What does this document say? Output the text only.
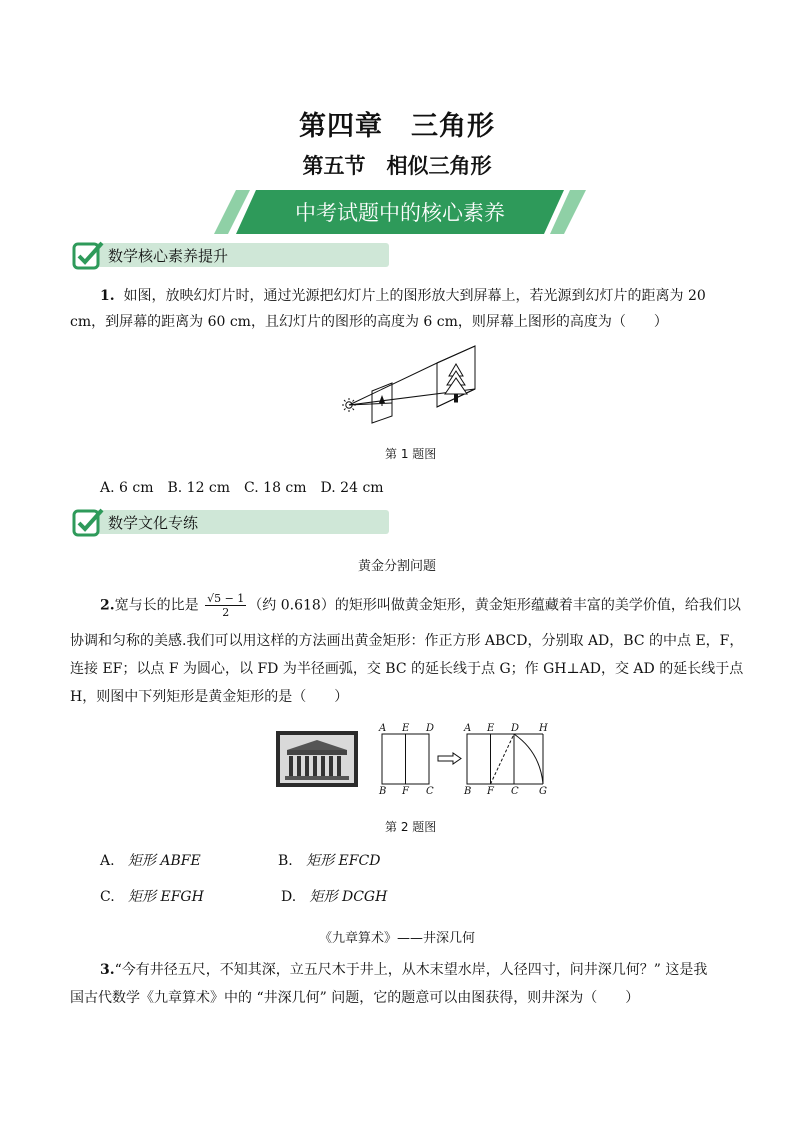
第四章　三角形
第五节　相似三角形
中考试题中的核心素养
数学核心素养提升
1. 如图，放映幻灯片时，通过光源把幻灯片上的图形放大到屏幕上，若光源到幻灯片的距离为 20
cm，到屏幕的距离为 60 cm，且幻灯片的图形的高度为 6 cm，则屏幕上图形的高度为（　　）
第 1 题图
A. 6 cm　B. 12 cm　C. 18 cm　D. 24 cm
数学文化专练
黄金分割问题
2.宽与长的比是 $\frac{√5 - 1}{2}$ （约 0.618）的矩形叫做黄金矩形，黄金矩形蕴藏着丰富的美学价值，给我们以
协调和匀称的美感.我们可以用这样的方法画出黄金矩形：作正方形 ABCD，分别取 AD，BC 的中点 E，F，
连接 EF；以点 F 为圆心，以 FD 为半径画弧，交 BC 的延长线于点 G；作 GH⊥AD，交 AD 的延长线于点
H，则图中下列矩形是黄金矩形的是（　　）
A E D
B F C
A E D H
B F C G
第 2 题图
A. 矩形 ABFE	B. 矩形 EFCD
C. 矩形 EFGH	D. 矩形 DCGH
《九章算术》——井深几何
3.“今有井径五尺，不知其深，立五尺木于井上，从木末望水岸，人径四寸，问井深几何？” 这是我
国古代数学《九章算术》中的 “井深几何” 问题，它的题意可以由图获得，则井深为（　　）
